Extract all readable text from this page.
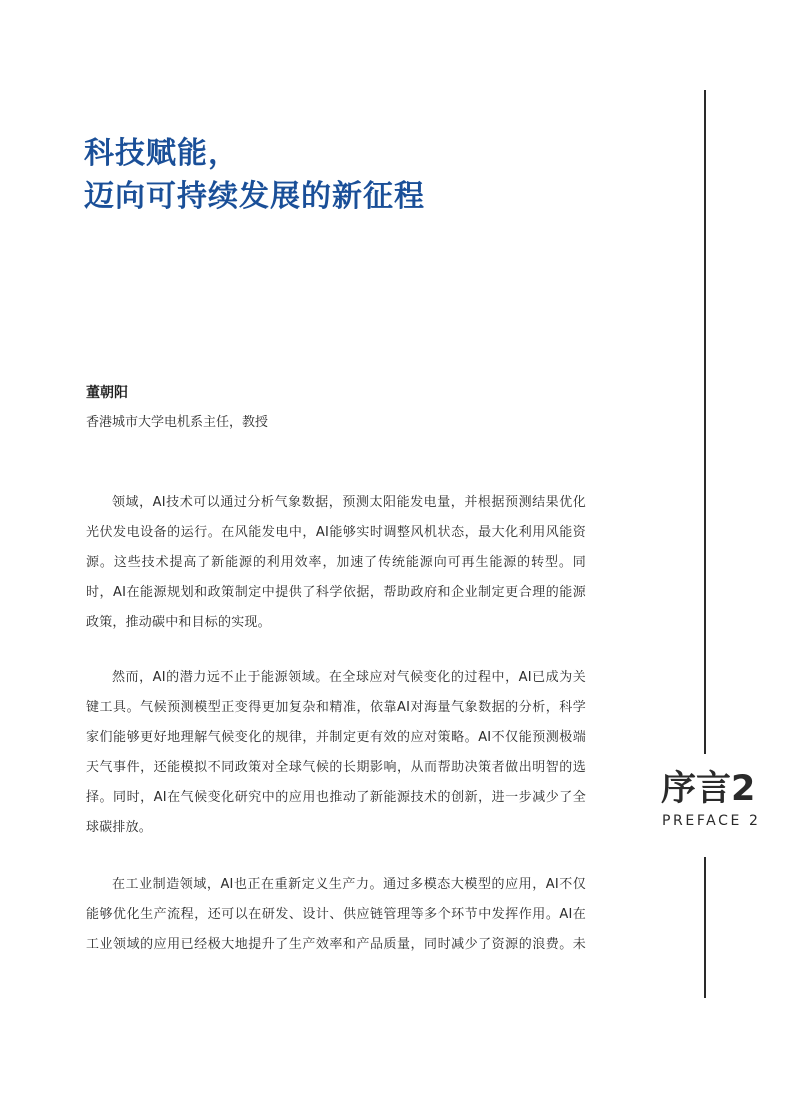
科技赋能，
迈向可持续发展的新征程
董朝阳
香港城市大学电机系主任，教授
领域，AI技术可以通过分析气象数据，预测太阳能发电量，并根据预测结果优化
光伏发电设备的运行。在风能发电中，AI能够实时调整风机状态，最大化利用风能资
源。这些技术提高了新能源的利用效率，加速了传统能源向可再生能源的转型。同
时，AI在能源规划和政策制定中提供了科学依据，帮助政府和企业制定更合理的能源
政策，推动碳中和目标的实现。
然而，AI的潜力远不止于能源领域。在全球应对气候变化的过程中，AI已成为关
键工具。气候预测模型正变得更加复杂和精准，依靠AI对海量气象数据的分析，科学
家们能够更好地理解气候变化的规律，并制定更有效的应对策略。AI不仅能预测极端
天气事件，还能模拟不同政策对全球气候的长期影响，从而帮助决策者做出明智的选
择。同时，AI在气候变化研究中的应用也推动了新能源技术的创新，进一步减少了全
球碳排放。
在工业制造领域，AI也正在重新定义生产力。通过多模态大模型的应用，AI不仅
能够优化生产流程，还可以在研发、设计、供应链管理等多个环节中发挥作用。AI在
工业领域的应用已经极大地提升了生产效率和产品质量，同时减少了资源的浪费。未
序言2
PREFACE 2
